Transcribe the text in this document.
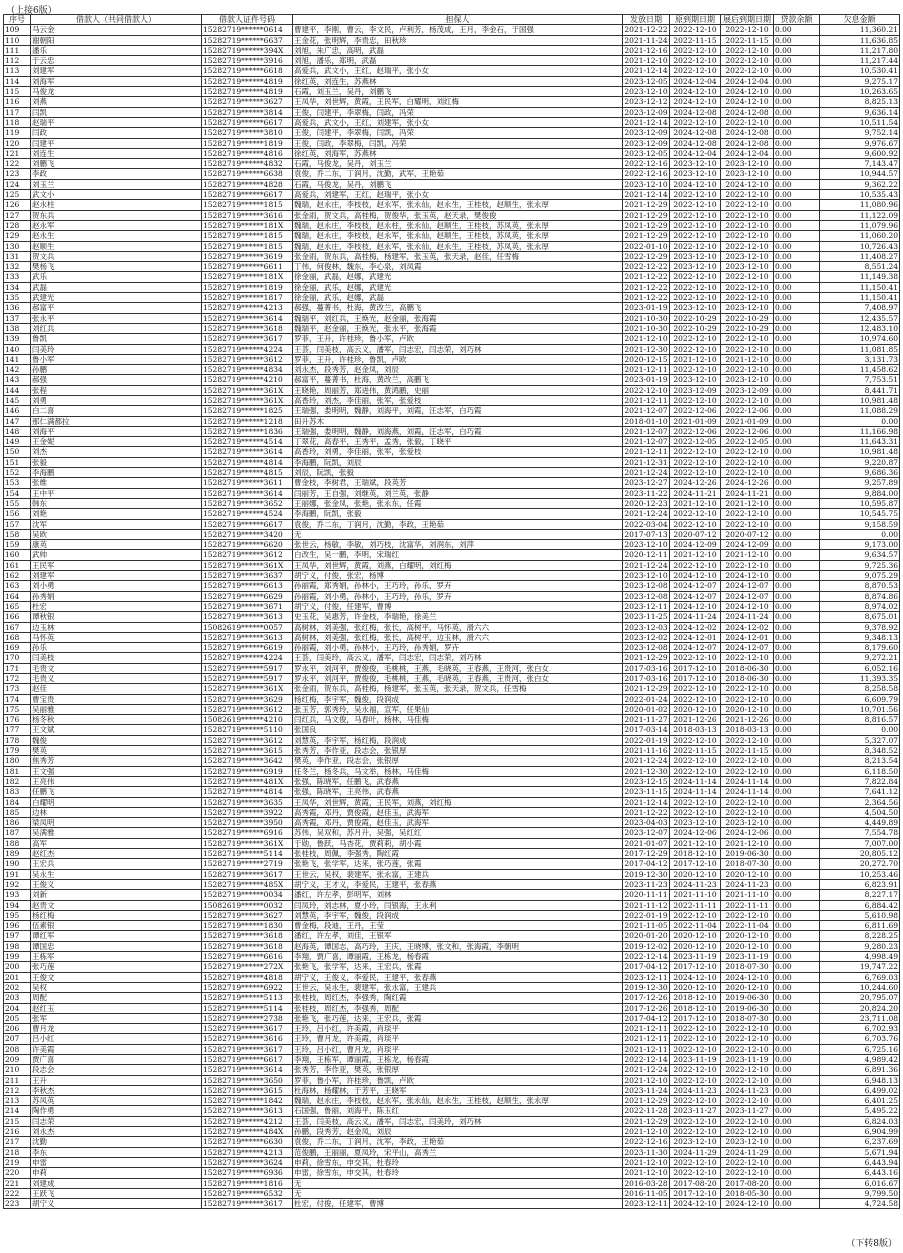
（上接6版）
序号	借款人（共同借款人）	借款人证件号码	担保人	发放日期	原到期日期	展后到期日期	贷款余额	欠息金额
109	马云金	15282719******0614	曹建平，李刚，曹云，李文民，卢利芳，杨茂成，王月，李金石，于国强	2021-12-22	2022-12-10	2022-12-10	0.00	11,360.21
110	谢朝阳	15282719******6637	王金花，张明辉，李贵忠，田秋珍	2021-11-24	2022-11-15	2022-11-15	0.00	11,636.85
111	潘乐	15282719******394X	刘旭，朱广忠，高明，武磊	2021-12-16	2022-12-10	2022-12-10	0.00	11,217.80
112	于云忠	15282719******3916	刘旭，潘乐，郑明，武磊	2021-12-10	2022-12-10	2022-12-10	0.00	11,217.44
113	刘建军	15282719******6618	高爱兵，武文小，王红，赵瑞平，张小女	2021-12-14	2022-12-10	2022-12-10	0.00	10,530.41
114	刘海军	15282719******4819	徐红英，刘连生，苏燕林	2023-12-05	2024-12-04	2024-12-04	0.00	9,275.17
115	马俊龙	15282719******4819	石霞，刘玉兰，吴丹，刘鹏飞	2023-12-10	2024-12-10	2024-12-10	0.00	10,263.65
116	刘燕	15282719******3627	王凤华，刘世辉，黄霞，王民军，白耀明，刘红梅	2023-12-12	2024-12-10	2024-12-10	0.00	8,825.13
117	闫凯	15282719******3814	王俊，闫建平，李翠梅，闫政，冯荣	2023-12-09	2024-12-08	2024-12-08	0.00	9,636.14
118	赵瑞平	15282719******6617	高爱兵，武文小，王红，刘建军，张小女	2021-12-14	2022-12-10	2022-12-10	0.00	10,511.54
119	闫政	15282719******3810	王俊，闫建平，李翠梅，闫凯，冯荣	2023-12-09	2024-12-08	2024-12-08	0.00	9,752.14
120	闫建平	15282719******1819	王俊，闫政，李翠梅，闫凯，冯荣	2023-12-09	2024-12-08	2024-12-08	0.00	9,976.67
121	刘连生	15282719******4816	徐红英，刘海军，苏燕林	2023-12-05	2024-12-04	2024-12-04	0.00	9,600.92
122	刘鹏飞	15282719******4832	石霞，马俊龙，吴丹，刘玉兰	2022-12-16	2023-12-10	2023-12-10	0.00	7,143.47
123	李政	15282719******6638	袁俊，乔二东，丁润月，沈勤，武军，王艳茹	2022-12-16	2023-12-10	2023-12-10	0.00	10,944.57
124	刘玉兰	15282719******4828	石霞，马俊龙，吴丹，刘鹏飞	2023-12-10	2024-12-10	2024-12-10	0.00	9,362.22
125	武文小	15282719******6617	高爱兵，刘建军，王红，赵瑞平，张小女	2021-12-14	2022-12-10	2022-12-10	0.00	10,535.43
126	赵永柱	15282719******1815	魏瑞，赵永庄，李枝枝，赵永军，张永仙，赵永生，王桂枝，赵顺生，张永厚	2021-12-29	2022-12-10	2022-12-10	0.00	11,080.96
127	贺东兵	15282719******3616	张金雨，贺文兵，高桂梅，贺俊华，张玉英，赵天录，樊俊俊	2021-12-29	2022-12-10	2022-12-10	0.00	11,122.09
128	赵永军	15282719******181X	魏瑞，赵永庄，李枝枝，赵永柱，张永仙，赵顺生，王桂枝，苏凤英，张永厚	2021-12-29	2022-12-10	2022-12-10	0.00	11,079.96
129	赵永生	15282719******1815	魏瑞，赵永庄，李枝枝，赵永军，张永仙，赵顺生，王桂枝，苏凤英，张永厚	2021-12-29	2022-12-10	2022-12-10	0.00	11,060.20
130	赵顺生	15282719******1815	魏瑞，赵永庄，李枝枝，赵永军，张永仙，赵永生，王桂枝，苏凤英，张永厚	2022-01-10	2022-12-10	2022-12-10	0.00	10,726.43
131	贺文兵	15282719******3619	张金雨，贺东兵，高桂梅，杨建军，张玉英，张天录，赵佳，任雪梅	2022-12-29	2023-12-10	2023-12-10	0.00	11,408.27
132	樊杨飞	15282719******6611	丁伟，何俊林，魏东，李心泉，刘凤霞	2022-12-22	2023-12-10	2023-12-10	0.00	8,551.24
133	武乐	15282719******181X	徐金丽，武磊，赵娜，武建光	2021-12-22	2022-12-10	2022-12-10	0.00	11,149.38
134	武磊	15282719******1819	徐金丽，武乐，赵娜，武建光	2021-12-22	2022-12-10	2022-12-10	0.00	11,150.41
135	武建光	15282719******1817	徐金丽，武乐，赵娜，武磊	2021-12-22	2022-12-10	2022-12-10	0.00	11,150.41
136	郝富平	15282719******4213	郝强，蔓菁书，杜海，黄改兰，高鹏飞	2023-01-19	2023-12-10	2023-12-10	0.00	7,408.97
137	张永平	15282719******3614	魏瑞平，刘红兵，王焕光，赵金丽，张海霞	2021-10-30	2022-10-29	2022-10-29	0.00	12,435.57
138	刘红兵	15282719******3618	魏瑞平，赵金丽，王焕光，张永平，张海霞	2021-10-30	2022-10-29	2022-10-29	0.00	12,483.10
139	鲁凯	15282719******3617	罗菲，王升，许桂珍，鲁小军，卢欧	2021-12-10	2022-12-10	2022-12-10	0.00	10,974.60
140	闫美玲	15282719******4224	王荟，闫美枝，高云义，潘军，闫志宏，闫志荣，刘巧林	2021-12-30	2022-12-10	2022-12-10	0.00	11,081.85
141	鲁小军	15282719******3612	罗菲，王升，许桂珍，鲁凯，卢欧	2020-12-15	2021-12-10	2021-12-10	0.00	3,131.73
142	孙鹏	15282719******4834	刘永杰，段秀芳，赵金凤，刘辰	2021-12-11	2022-12-10	2022-12-10	0.00	11,458.62
143	郝强	15282719******4210	郝富平，蔓菁书，杜海，黄改兰，高鹏飞	2023-01-19	2023-12-10	2023-12-10	0.00	7,753.51
144	张程	15282719******361X	王晓艳，周丽芳，郑进伟，黄鸿鹏，史丽	2022-12-10	2023-12-09	2023-12-09	0.00	8,441.71
145	刘勇	15282719******361X	高香玲，刘杰，李佳丽，张军，张爱枝	2021-12-11	2022-12-10	2022-12-10	0.00	10,981.48
146	白二喜	15282719******1825	王瑞强，娄明明，魏静，刘海平，刘霞，汪志军，白巧霞	2021-12-07	2022-12-06	2022-12-06	0.00	11,088.29
147	那仁满都拉	15282719******1218	田升苏木	2018-01-10	2021-01-09	2021-01-09	0.00	0.00
148	刘海平	15282719******1836	王瑞强，娄明明，魏静，刘海燕，刘霞，汪志军，白巧霞	2021-12-07	2022-12-06	2022-12-06	0.00	11,166.98
149	王金妮	15282719******4514	丁翠花，高春平，王秀平，孟秀，张毅，丁晓平	2021-12-07	2022-12-05	2022-12-05	0.00	11,643.31
150	刘杰	15282719******3614	高香玲，刘勇，李佳丽，张军，张爱枝	2021-12-11	2022-12-10	2022-12-10	0.00	10,981.48
151	张毅	15282719******4814	李海鹏，阮凯，刘辰	2021-12-31	2022-12-10	2022-12-10	0.00	9,220.87
152	李海鹏	15282719******4815	刘辰，阮凯，张毅	2021-12-24	2022-12-10	2022-12-10	0.00	9,686.36
153	张维	15282719******3611	曹金枝，李树君，王瑞斌，段英芳	2023-12-27	2024-12-26	2024-12-26	0.00	9,257.89
154	王中平	15282719******3614	闫丽芳，王自强，刘继英，刘兰英，张静	2023-11-22	2024-11-21	2024-11-21	0.00	9,884.00
155	韩东	15282719******3652	王丽娜，张金凤，张艳，张永东，任霞	2020-12-23	2021-12-10	2021-12-10	0.00	10,595.87
156	刘艳	15282719******4524	李海鹏，阮凯，张毅	2021-12-24	2022-12-10	2022-12-10	0.00	10,545.75
157	沈军	15282719******6617	袁俊，乔二东，丁润月，沈勤，李政，王艳茹	2022-03-04	2022-12-10	2022-12-10	0.00	9,158.59
158	吴欧	15282719******3420	无	2017-07-13	2020-07-12	2020-07-12	0.00	0.00
159	康英	15282719******6620	张世云，杨敏，李敏，刘巧枝，沈富华，刘润东，刘萍	2023-12-10	2024-12-09	2024-12-09	0.00	9,173.00
160	武帅	15282719******3612	白改生，吴一鹏，李明，宋瑞红	2020-12-11	2021-12-10	2021-12-10	0.00	9,634.57
161	王民军	15282719******361X	王凤华，刘世辉，黄霞，刘燕，白耀明，刘红梅	2021-12-24	2022-12-10	2022-12-10	0.00	9,725.36
162	刘建军	15282719******3637	胡宁义，付俊，张宏，杨博	2023-12-10	2024-12-10	2024-12-10	0.00	9,075.29
163	刘小勇	15282719******6613	孙丽霞，郑秀娟，孙林小，王巧玲，孙乐，罗卉	2023-12-08	2024-12-07	2024-12-07	0.00	8,870.53
164	孙秀娟	15282719******6629	孙丽霞，刘小勇，孙林小，王巧玲，孙乐，罗卉	2023-12-08	2024-12-07	2024-12-07	0.00	8,874.86
165	杜宏	15282719******3671	胡宁义，付俊，任建军，曹博	2023-12-11	2024-12-10	2024-12-10	0.00	8,974.02
166	谭秋银	15282719******3613	史玉花，吴惠芳，许金枝，李瑞艳，徐美兰	2023-11-25	2024-11-24	2024-11-24	0.00	8,675.01
167	边玉林	15082619******0057	高树林，刘美强，张红梅，张长，高树平，马怀英，滑六六	2023-12-03	2024-12-02	2024-12-02	0.00	9,378.92
168	马怀英	15282719******3613	高树林，刘美强，张红梅，张长，高树平，边玉林，滑六六	2023-12-02	2024-12-01	2024-12-01	0.00	9,348.13
169	孙乐	15282719******6619	孙丽霞，刘小勇，孙林小，王巧玲，孙秀娟，罗卉	2023-12-08	2024-12-07	2024-12-07	0.00	8,179.60
170	闫美枝	15282719******4224	王荟，闫美玲，高云义，潘军，闫志宏，闫志荣，刘巧林	2021-12-29	2022-12-10	2022-12-10	0.00	9,272.21
171	毛贵文	15282719******5917	罗永平，刘河平，贾俊俊，毛桃桃，王燕，毛晓英，王春燕，王贵河，张白女	2017-03-16	2017-12-10	2018-06-30	0.00	6,052.16
172	毛贵义	15282719******5917	罗永平，刘河平，贾俊俊，毛桃桃，王燕，毛晓英，王春燕，王贵河，张白女	2017-03-16	2017-12-10	2018-06-30	0.00	11,393.35
173	赵佳	15282719******361X	张金雨，贺东兵，高桂梅，杨建军，张玉英，张天录，贺文兵，任雪梅	2021-12-29	2022-12-10	2022-12-10	0.00	8,258.58
174	曹宝贵	15282719******3629	杨红梅，李宇军，魏俊，段润成	2022-01-24	2022-12-10	2022-12-10	0.00	6,609.79
175	吴丽雅	15282719******3612	张玉芳，郭秀玲，吴永福，宣军，任果仙	2020-01-02	2020-12-10	2020-12-10	0.00	10,701.56
176	杨冬秋	15082619******4210	闫红兵，马文俊，马春叶，杨林，马佳梅	2021-11-27	2021-12-26	2021-12-26	0.00	8,816.57
177	王文斌	15282719******5110	张国良	2017-03-14	2018-03-13	2018-03-13	0.00	0.00
178	魏俊	15282719******3612	刘慧英，李宇军，杨红梅，段润成	2022-01-19	2022-12-10	2022-12-10	0.00	5,327.07
179	樊英	15282719******3615	张秀芳，李作亚，段志会，张银厚	2021-11-16	2022-11-15	2022-11-15	0.00	8,348.52
180	焦秀芳	15282719******3642	樊英，李作亚，段志会，张银厚	2021-12-24	2022-12-10	2022-12-10	0.00	8,213.54
181	王文强	15282719******6919	任冬兰，杨冬兵，马文举，杨林，马佳梅	2021-12-30	2022-12-10	2022-12-10	0.00	6,118.50
182	王亮伟	15282719******481X	张强，陈晓军，任鹏飞，武春燕	2023-12-15	2024-11-14	2024-11-14	0.00	7,822.84
183	任鹏飞	15282719******4814	张强，陈晓军，王亮伟，武春燕	2023-11-15	2024-11-14	2024-11-14	0.00	7,641.12
184	白耀明	15282719******3635	王凤华，刘世辉，黄霞，王民军，刘燕，刘红梅	2021-12-14	2022-12-10	2022-12-10	0.00	2,364.56
185	边林	15282719******3922	高秀霞，邓丹，贾俊霞，赵佳玉，武海军	2021-12-22	2022-12-10	2022-12-10	0.00	4,504.50
186	梁凤明	15282719******3950	高秀霞，邓丹，贾俊霞，赵佳玉，武海军	2023-04-03	2023-12-10	2023-12-10	0.00	4,449.89
187	吴满雅	15282719******6916	苏伟，吴双和，苏月升，吴强，吴红红	2023-12-07	2024-12-06	2024-12-06	0.00	7,554.78
188	高军	15282719******361X	于勋，鲁跃，马杏花，贾莉莉，胡小霞	2021-01-07	2021-12-10	2021-12-10	0.00	7,007.00
189	赵红杰	15282719******5114	张桂枝，周佩，李强秀，陶红霞	2017-12-29	2018-12-10	2019-06-30	0.00	20,805.12
190	王宏兵	15282719******2719	张艳飞，张学军，达来，张巧莲，张霞	2017-04-12	2017-12-10	2018-07-30	0.00	20,272.70
191	吴永生	15282719******3617	王世云，吴权，裴建军，张永富，王建兵	2019-12-30	2020-12-10	2020-12-10	0.00	10,253.46
192	王俊义	15282719******485X	胡宁义，王才义，李爱民，王建平，张春燕	2023-11-23	2024-11-23	2024-11-23	0.00	6,823.91
193	刘新	15282719******0034	潘红，许左孝，彭明军，刘林	2020-11-11	2021-11-10	2021-11-10	0.00	8,227.17
194	赵贵文	15082619******0032	闫凤玲，刘志林，夏小玲，闫银海，王永利	2021-11-12	2022-11-11	2022-11-11	0.00	6,884.42
195	杨红梅	15282719******3627	刘慧英，李宇军，魏俊，段润成	2022-01-19	2022-12-10	2022-12-10	0.00	5,610.98
196	伍素银	15282719******1830	曹金梅，段迪，王丹，王莹	2021-11-05	2022-11-04	2022-11-04	0.00	6,811.69
197	谭红军	15282719******3618	潘红，许左孝，刘佳，王银军	2020-01-20	2020-12-10	2020-12-10	0.00	8,228.25
198	谭国忠	15282719******3618	赵海英，谭国志，高巧玲，王庆，王晓博，张文和，张海霞，李朝明	2019-12-02	2020-12-10	2020-12-10	0.00	9,280.23
199	王栋军	15282719******6616	李翔，贾广喜，谭丽霞，王栋龙，杨春霞	2022-12-14	2023-11-19	2023-11-19	0.00	4,998.49
200	张巧莲	15282719******272X	张艳飞，张学军，达来，王宏兵，张霞	2017-04-12	2017-12-10	2018-07-30	0.00	19,747.22
201	王俊文	15282719******4818	胡宁义，王俊义，李爱民，王建平，张春燕	2023-12-11	2024-12-10	2024-12-10	0.00	6,769.03
202	吴权	15282719******6922	王世云，吴永生，裴建军，张永富，王建兵	2019-12-30	2020-12-10	2020-12-10	0.00	10,244.60
203	周配	15282719******5113	张桂枝，周红杰，李强秀，陶红霞	2017-12-26	2018-12-10	2019-06-30	0.00	20,795.07
204	赵红玉	15282719******5114	张桂枝，周红杰，李强秀，周配	2017-12-26	2018-12-10	2019-06-30	0.00	20,824.20
205	张军	15282719******2738	张艳飞，张巧莲，达来，王宏兵，张霞	2017-04-12	2017-12-10	2018-07-30	0.00	23,711.08
206	曹月龙	15282719******3617	王玲，吕小红，许美霞，肖琰平	2021-12-11	2022-12-10	2022-12-10	0.00	6,702.93
207	吕小红	15282719******3616	王玲，曹月龙，许美霞，肖琰平	2021-12-11	2022-12-10	2022-12-10	0.00	6,703.76
208	许美霞	15282719******3617	王玲，吕小红，曹月龙，肖琰平	2021-12-11	2022-12-10	2022-12-10	0.00	6,725.16
209	贾广喜	15282719******6617	李翔，王栋军，谭丽霞，王栋龙，杨春霞	2022-12-14	2023-11-19	2023-11-19	0.00	4,989.42
210	段志会	15282719******3614	张秀芳，李作亚，樊英，张银厚	2021-12-24	2022-12-10	2022-12-10	0.00	6,891.36
211	王升	15282719******3650	罗菲，鲁小军，许桂珍，鲁凯，卢欧	2021-12-10	2022-12-10	2022-12-10	0.00	6,948.13
212	李秋杰	15282719******3615	杜海林，杨耀林，于芳平，王晓军	2023-11-24	2024-11-23	2024-11-23	0.00	6,499.02
213	苏凤英	15282719******1842	魏瑞，赵永庄，李枝枝，赵永军，张永仙，赵永生，王桂枝，赵顺生，张永厚	2021-12-29	2022-12-10	2022-12-10	0.00	6,401.25
214	陶作勇	15282719******3613	石国强，鲁丽，刘海平，陈玉红	2022-11-28	2023-11-27	2023-11-27	0.00	5,495.22
215	闫志荣	15282719******4212	王荟，闫美枝，高云义，潘军，闫志宏，闫美玲，刘巧林	2021-12-29	2022-12-10	2022-12-10	0.00	6,824.03
216	刘永杰	15282719******484X	孙鹏，段秀芳，赵金凤，刘辰	2021-12-10	2022-12-10	2022-12-10	0.00	6,904.99
217	沈勤	15282719******6630	袁俊，乔二东，丁润月，沈军，李政，王艳茹	2022-12-16	2023-12-10	2023-12-10	0.00	6,237.69
218	李东	15282719******4213	范俊鹏，王丽丽，夏凤玲，宋平山，高秀兰	2023-11-30	2024-11-29	2024-11-29	0.00	5,671.94
219	申雷	15282719******3624	申莉，徐雪东，申交其，杜春玲	2021-12-10	2022-12-10	2022-12-10	0.00	6,443.94
220	申莉	15282719******6936	申雷，徐雪东，申交其，杜春玲	2021-12-10	2022-12-10	2022-12-10	0.00	6,443.16
221	刘建成	15282719******1816	无	2016-03-28	2017-08-20	2017-08-20	0.00	6,016.67
222	王跃飞	15282719******6532	无	2016-11-05	2017-12-10	2018-05-30	0.00	9,799.50
223	胡宁义	15282719******3617	杜宏，付俊，任建军，曹博	2023-12-11	2024-12-10	2024-12-10	0.00	4,724.58
（下转8版）
